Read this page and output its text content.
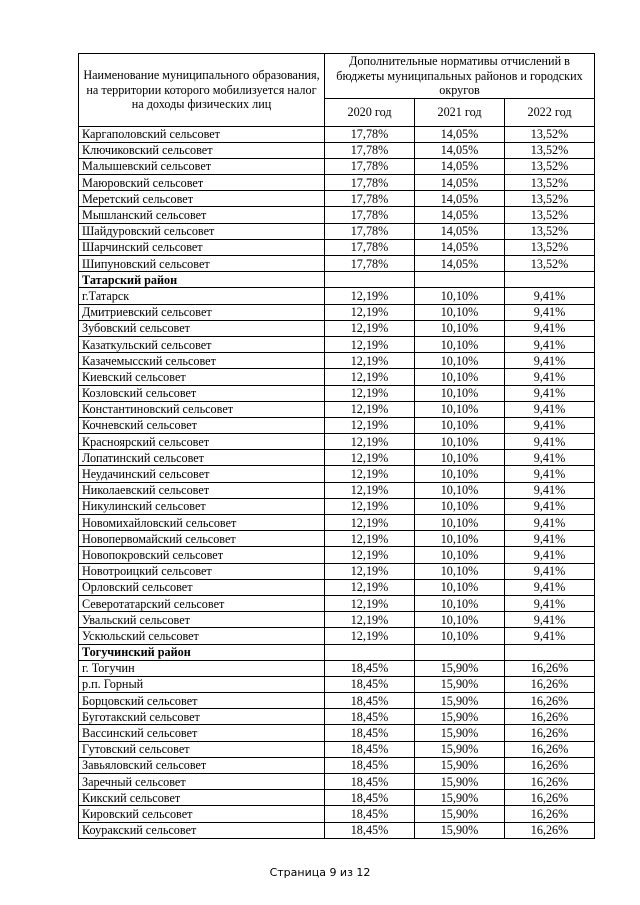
Наименование муниципального образования, на территории которого мобилизуется налог на доходы физических лиц	Дополнительные нормативы отчислений в бюджеты муниципальных районов и городских округов		
	2020 год	2021 год	2022 год
Каргаполовский сельсовет	17,78%	14,05%	13,52%
Ключиковский сельсовет	17,78%	14,05%	13,52%
Малышевский сельсовет	17,78%	14,05%	13,52%
Маюровский сельсовет	17,78%	14,05%	13,52%
Меретский сельсовет	17,78%	14,05%	13,52%
Мышланский сельсовет	17,78%	14,05%	13,52%
Шайдуровский сельсовет	17,78%	14,05%	13,52%
Шарчинский сельсовет	17,78%	14,05%	13,52%
Шипуновский сельсовет	17,78%	14,05%	13,52%
Татарский район			
г.Татарск	12,19%	10,10%	9,41%
Дмитриевский сельсовет	12,19%	10,10%	9,41%
Зубовский сельсовет	12,19%	10,10%	9,41%
Казаткульский сельсовет	12,19%	10,10%	9,41%
Казачемысский сельсовет	12,19%	10,10%	9,41%
Киевский сельсовет	12,19%	10,10%	9,41%
Козловский сельсовет	12,19%	10,10%	9,41%
Константиновский сельсовет	12,19%	10,10%	9,41%
Кочневский сельсовет	12,19%	10,10%	9,41%
Красноярский сельсовет	12,19%	10,10%	9,41%
Лопатинский сельсовет	12,19%	10,10%	9,41%
Неудачинский сельсовет	12,19%	10,10%	9,41%
Николаевский сельсовет	12,19%	10,10%	9,41%
Никулинский сельсовет	12,19%	10,10%	9,41%
Новомихайловский сельсовет	12,19%	10,10%	9,41%
Новопервомайский сельсовет	12,19%	10,10%	9,41%
Новопокровский сельсовет	12,19%	10,10%	9,41%
Новотроицкий сельсовет	12,19%	10,10%	9,41%
Орловский сельсовет	12,19%	10,10%	9,41%
Северотатарский сельсовет	12,19%	10,10%	9,41%
Увальский сельсовет	12,19%	10,10%	9,41%
Ускюльский сельсовет	12,19%	10,10%	9,41%
Тогучинский район			
г. Тогучин	18,45%	15,90%	16,26%
р.п. Горный	18,45%	15,90%	16,26%
Борцовский сельсовет	18,45%	15,90%	16,26%
Буготакский сельсовет	18,45%	15,90%	16,26%
Вассинский сельсовет	18,45%	15,90%	16,26%
Гутовский сельсовет	18,45%	15,90%	16,26%
Завьяловский сельсовет	18,45%	15,90%	16,26%
Заречный сельсовет	18,45%	15,90%	16,26%
Кикский сельсовет	18,45%	15,90%	16,26%
Кировский сельсовет	18,45%	15,90%	16,26%
Коуракский сельсовет	18,45%	15,90%	16,26%
Страница 9 из 12
